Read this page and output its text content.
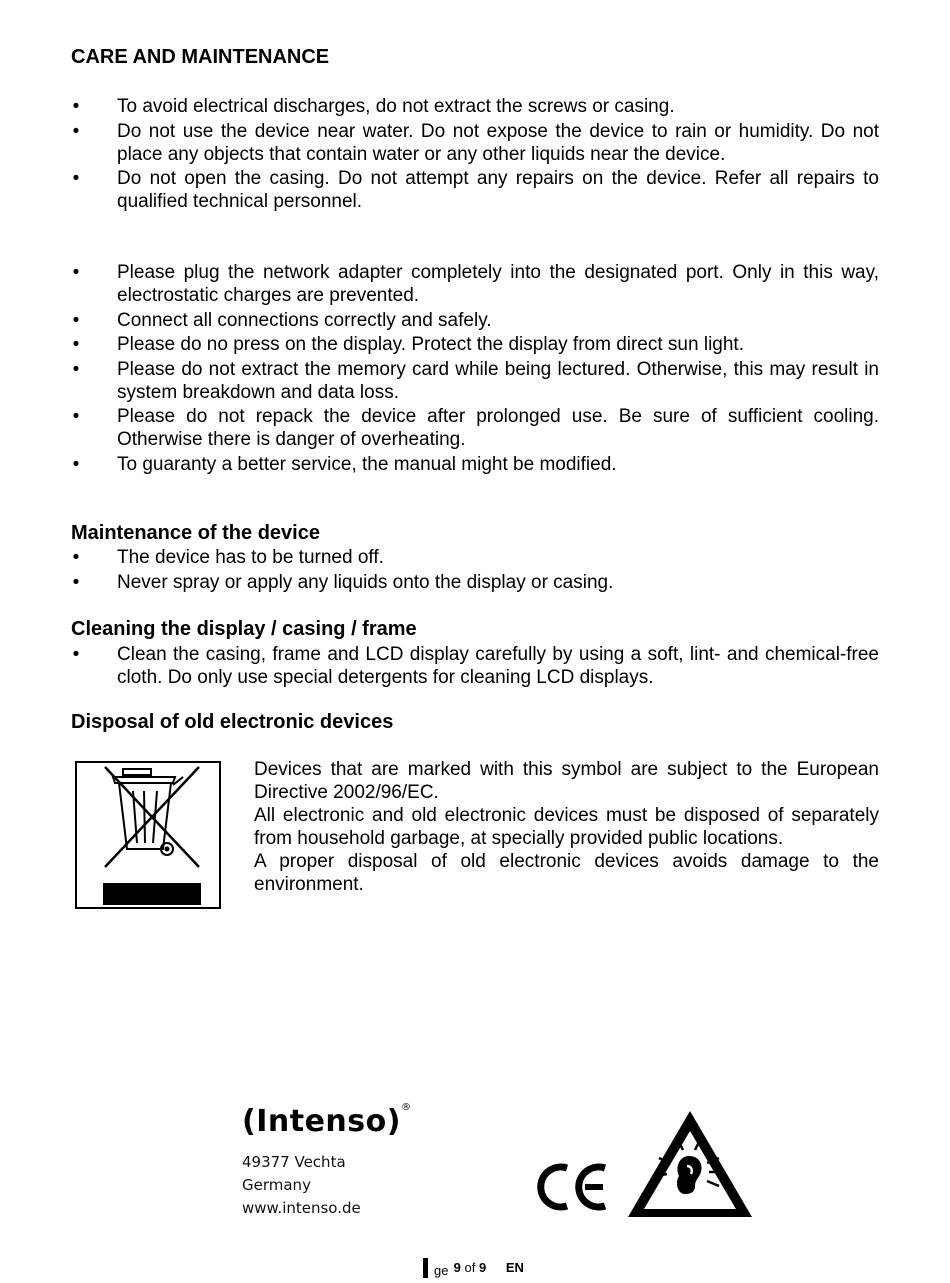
CARE AND MAINTENANCE
• To avoid electrical discharges, do not extract the screws or casing.
• Do not use the device near water. Do not expose the device to rain or humidity. Do not place any objects that contain water or any other liquids near the device.
• Do not open the casing. Do not attempt any repairs on the device. Refer all repairs to qualified technical personnel.
• Please plug the network adapter completely into the designated port. Only in this way, electrostatic charges are prevented.
• Connect all connections correctly and safely.
• Please do no press on the display. Protect the display from direct sun light.
• Please do not extract the memory card while being lectured. Otherwise, this may result in system breakdown and data loss.
• Please do not repack the device after prolonged use. Be sure of sufficient cooling. Otherwise there is danger of overheating.
• To guaranty a better service, the manual might be modified.
Maintenance of the device
• The device has to be turned off.
• Never spray or apply any liquids onto the display or casing.
Cleaning the display / casing / frame
• Clean the casing, frame and LCD display carefully by using a soft, lint- and chemical-free cloth. Do only use special detergents for cleaning LCD displays.
Disposal of old electronic devices

Devices that are marked with this symbol are subject to the European Directive 2002/96/EC.

All electronic and old electronic devices must be disposed of separately from household garbage, at specially provided public locations.

A proper disposal of old electronic devices avoids damage to the environment.

(Intenso)®
49377 Vechta
Germany
www.intenso.de
ge 9 of 9 EN
